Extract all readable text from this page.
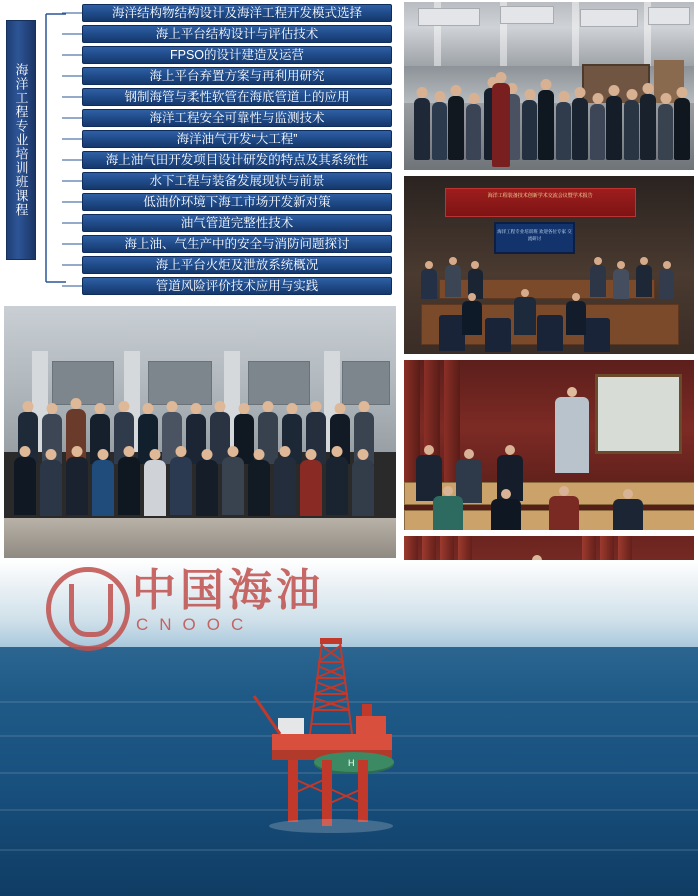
海洋工程专业培训班课程
海洋结构物结构设计及海洋工程开发模式选择
海上平台结构设计与评估技术
FPSO的设计建造及运营
海上平台弃置方案与再利用研究
钢制海管与柔性软管在海底管道上的应用
海洋工程安全可靠性与监测技术
海洋油气开发“大工程”
海上油气田开发项目设计研发的特点及其系统性
水下工程与装备发展现状与前景
低油价环境下海工市场开发新对策
油气管道完整性技术
海上油、气生产中的安全与消防问题探讨
海上平台火炬及泄放系统概况
管道风险评价技术应用与实践
海洋工程装备技术创新学术交流会议暨学术报告
海洋工程专业培训班 欢迎各位专家 交流研讨
中国海油
CNOOC
H
